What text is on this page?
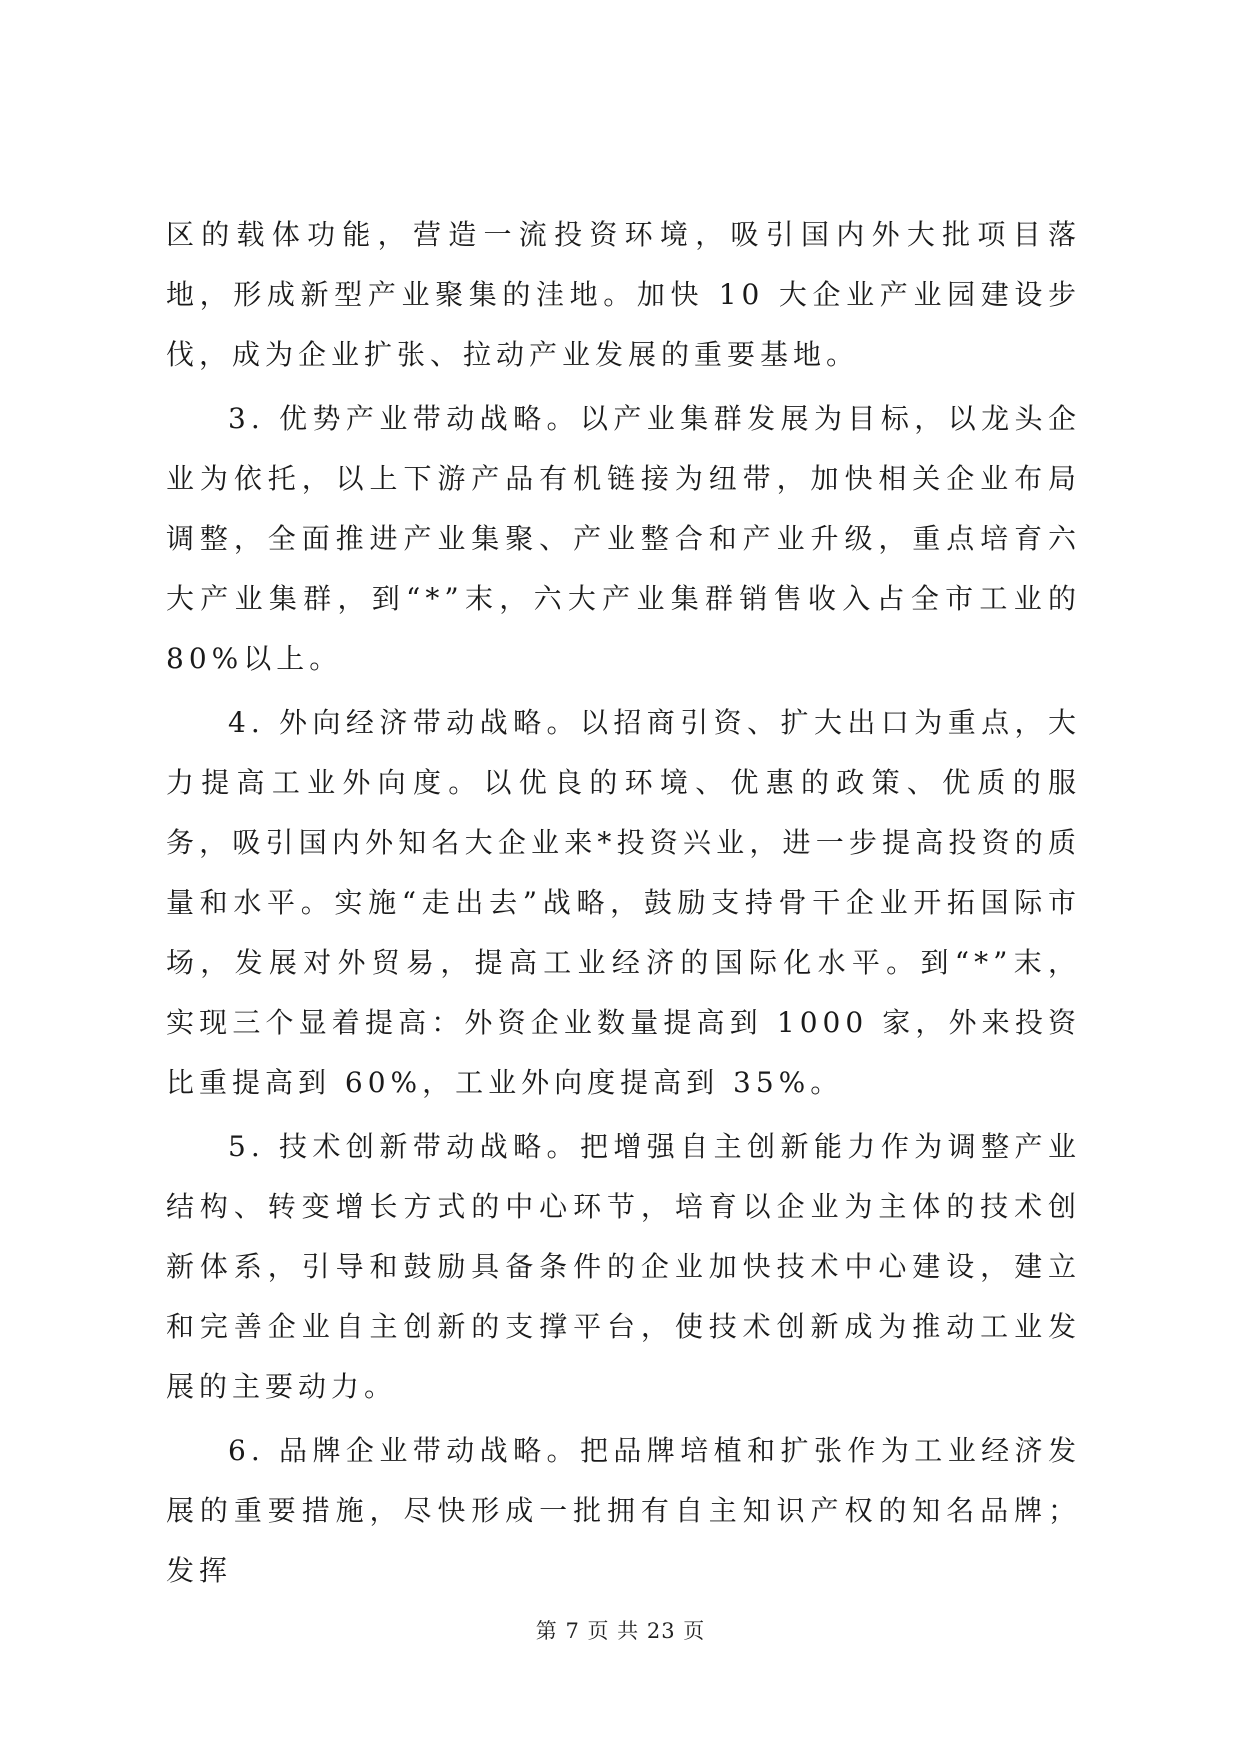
区的载体功能，营造一流投资环境，吸引国内外大批项目落地，形成新型产业聚集的洼地。加快 10 大企业产业园建设步伐，成为企业扩张、拉动产业发展的重要基地。

3. 优势产业带动战略。以产业集群发展为目标，以龙头企业为依托，以上下游产品有机链接为纽带，加快相关企业布局调整，全面推进产业集聚、产业整合和产业升级，重点培育六大产业集群，到“*”末，六大产业集群销售收入占全市工业的 80%以上。

4. 外向经济带动战略。以招商引资、扩大出口为重点，大力提高工业外向度。以优良的环境、优惠的政策、优质的服务，吸引国内外知名大企业来*投资兴业，进一步提高投资的质量和水平。实施“走出去”战略，鼓励支持骨干企业开拓国际市场，发展对外贸易，提高工业经济的国际化水平。到“*”末，实现三个显着提高：外资企业数量提高到 1000 家，外来投资比重提高到 60%，工业外向度提高到 35%。

5. 技术创新带动战略。把增强自主创新能力作为调整产业结构、转变增长方式的中心环节，培育以企业为主体的技术创新体系，引导和鼓励具备条件的企业加快技术中心建设，建立和完善企业自主创新的支撑平台，使技术创新成为推动工业发展的主要动力。

6. 品牌企业带动战略。把品牌培植和扩张作为工业经济发展的重要措施，尽快形成一批拥有自主知识产权的知名品牌；发挥

第 7 页 共 23 页
